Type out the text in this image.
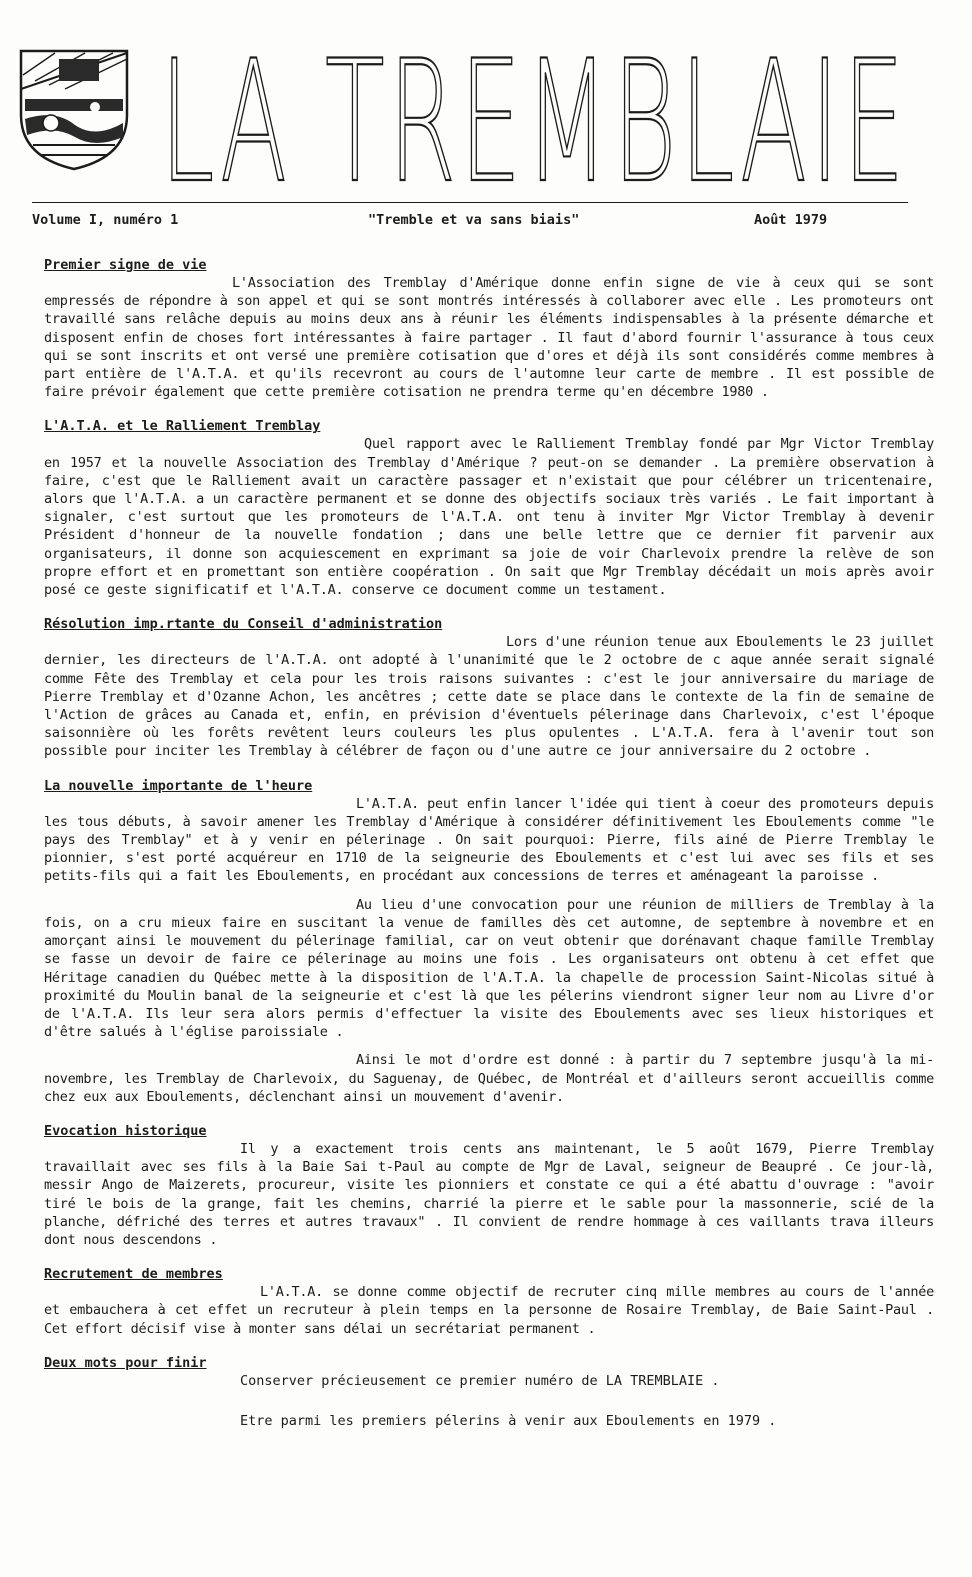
LA TREMBLAIE
Volume I, numéro 1	"Tremble et va sans biais"	Août 1979
Premier signe de vie

L'Association des Tremblay d'Amérique donne enfin signe de vie à ceux qui se sont empressés de répondre à son appel et qui se sont montrés intéressés à collaborer avec elle . Les promoteurs ont travaillé sans relâche depuis au moins deux ans à réunir les éléments indispensables à la présente démarche et disposent enfin de choses fort intéressantes à faire partager . Il faut d'abord fournir l'assurance à tous ceux qui se sont inscrits et ont versé une première cotisation que d'ores et déjà ils sont considérés comme membres à part entière de l'A.T.A. et qu'ils recevront au cours de l'automne leur carte de membre . Il est possible de faire prévoir également que cette première cotisation ne prendra terme qu'en décembre 1980 .

L'A.T.A. et le Ralliement Tremblay

Quel rapport avec le Ralliement Tremblay fondé par Mgr Victor Tremblay en 1957 et la nouvelle Association des Tremblay d'Amérique ? peut-on se demander . La première observation à faire, c'est que le Ralliement avait un caractère passager et n'existait que pour célébrer un tricentenaire, alors que l'A.T.A. a un caractère permanent et se donne des objectifs sociaux très variés . Le fait important à signaler, c'est surtout que les promoteurs de l'A.T.A. ont tenu à inviter Mgr Victor Tremblay à devenir Président d'honneur de la nouvelle fondation ; dans une belle lettre que ce dernier fit parvenir aux organisateurs, il donne son acquiescement en exprimant sa joie de voir Charlevoix prendre la relève de son propre effort et en promettant son entière coopération . On sait que Mgr Tremblay décédait un mois après avoir posé ce geste significatif et l'A.T.A. conserve ce document comme un testament.

Résolution imp.rtante du Conseil d'administration

Lors d'une réunion tenue aux Eboulements le 23 juillet dernier, les directeurs de l'A.T.A. ont adopté à l'unanimité que le 2 octobre de c aque année serait signalé comme Fête des Tremblay et cela pour les trois raisons suivantes : c'est le jour anniversaire du mariage de Pierre Tremblay et d'Ozanne Achon, les ancêtres ; cette date se place dans le contexte de la fin de semaine de l'Action de grâces au Canada et, enfin, en prévision d'éventuels pélerinage dans Charlevoix, c'est l'époque saisonnière où les forêts revêtent leurs couleurs les plus opulentes . L'A.T.A. fera à l'avenir tout son possible pour inciter les Tremblay à célébrer de façon ou d'une autre ce jour anniversaire du 2 octobre .

La nouvelle importante de l'heure

L'A.T.A. peut enfin lancer l'idée qui tient à coeur des promoteurs depuis les tous débuts, à savoir amener les Tremblay d'Amérique à considérer définitivement les Eboulements comme "le pays des Tremblay" et à y venir en pélerinage . On sait pourquoi: Pierre, fils ainé de Pierre Tremblay le pionnier, s'est porté acquéreur en 1710 de la seigneurie des Eboulements et c'est lui avec ses fils et ses petits-fils qui a fait les Eboulements, en procédant aux concessions de terres et aménageant la paroisse .

Au lieu d'une convocation pour une réunion de milliers de Tremblay à la fois, on a cru mieux faire en suscitant la venue de familles dès cet automne, de septembre à novembre et en amorçant ainsi le mouvement du pélerinage familial, car on veut obtenir que dorénavant chaque famille Tremblay se fasse un devoir de faire ce pélerinage au moins une fois . Les organisateurs ont obtenu à cet effet que Héritage canadien du Québec mette à la disposition de l'A.T.A. la chapelle de procession Saint-Nicolas situé à proximité du Moulin banal de la seigneurie et c'est là que les pélerins viendront signer leur nom au Livre d'or de l'A.T.A. Ils leur sera alors permis d'effectuer la visite des Eboulements avec ses lieux historiques et d'être salués à l'église paroissiale .

Ainsi le mot d'ordre est donné : à partir du 7 septembre jusqu'à la mi-novembre, les Tremblay de Charlevoix, du Saguenay, de Québec, de Montréal et d'ailleurs seront accueillis comme chez eux aux Eboulements, déclenchant ainsi un mouvement d'avenir.

Evocation historique

Il y a exactement trois cents ans maintenant, le 5 août 1679, Pierre Tremblay travaillait avec ses fils à la Baie Sai t-Paul au compte de Mgr de Laval, seigneur de Beaupré . Ce jour-là, messir Ango de Maizerets, procureur, visite les pionniers et constate ce qui a été abattu d'ouvrage : "avoir tiré le bois de la grange, fait les chemins, charrié la pierre et le sable pour la massonnerie, scié de la planche, défriché des terres et autres travaux" . Il convient de rendre hommage à ces vaillants trava illeurs dont nous descendons .

Recrutement de membres

L'A.T.A. se donne comme objectif de recruter cinq mille membres au cours de l'année et embauchera à cet effet un recruteur à plein temps en la personne de Rosaire Tremblay, de Baie Saint-Paul . Cet effort décisif vise à monter sans délai un secrétariat permanent .

Deux mots pour finir

Conserver précieusement ce premier numéro de LA TREMBLAIE .

Etre parmi les premiers pélerins à venir aux Eboulements en 1979 .
